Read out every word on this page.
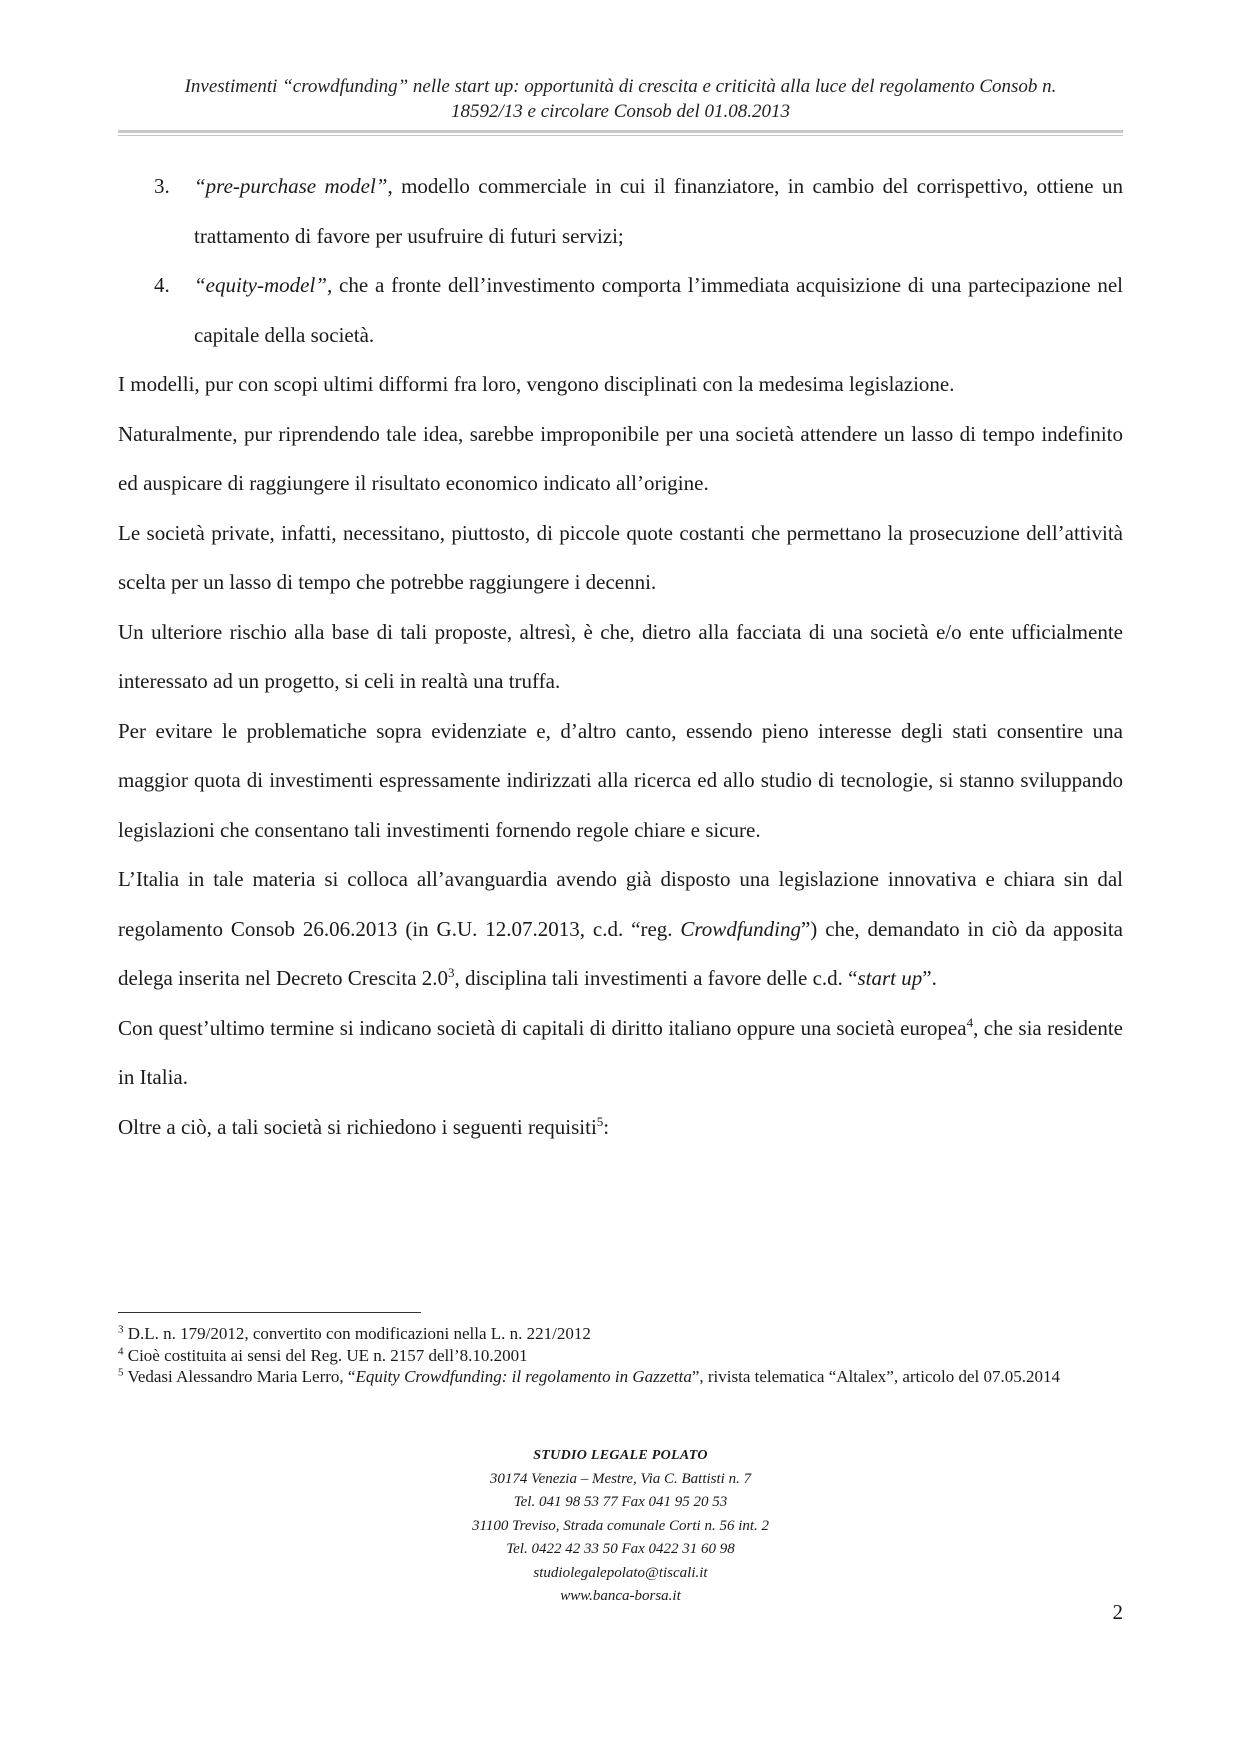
Investimenti “crowdfunding” nelle start up: opportunità di crescita e criticità alla luce del regolamento Consob n.
18592/13 e circolare Consob del 01.08.2013

3. “pre-purchase model”, modello commerciale in cui il finanziatore, in cambio del corrispettivo, ottiene un trattamento di favore per usufruire di futuri servizi;

4. “equity-model”, che a fronte dell’investimento comporta l’immediata acquisizione di una partecipazione nel capitale della società.

I modelli, pur con scopi ultimi difformi fra loro, vengono disciplinati con la medesima legislazione.

Naturalmente, pur riprendendo tale idea, sarebbe improponibile per una società attendere un lasso di tempo indefinito ed auspicare di raggiungere il risultato economico indicato all’origine.

Le società private, infatti, necessitano, piuttosto, di piccole quote costanti che permettano la prosecuzione dell’attività scelta per un lasso di tempo che potrebbe raggiungere i decenni.

Un ulteriore rischio alla base di tali proposte, altresì, è che, dietro alla facciata di una società e/o ente ufficialmente interessato ad un progetto, si celi in realtà una truffa.

Per evitare le problematiche sopra evidenziate e, d’altro canto, essendo pieno interesse degli stati consentire una maggior quota di investimenti espressamente indirizzati alla ricerca ed allo studio di tecnologie, si stanno sviluppando legislazioni che consentano tali investimenti fornendo regole chiare e sicure.

L’Italia in tale materia si colloca all’avanguardia avendo già disposto una legislazione innovativa e chiara sin dal regolamento Consob 26.06.2013 (in G.U. 12.07.2013, c.d. “reg. Crowdfunding”) che, demandato in ciò da apposita delega inserita nel Decreto Crescita $2.0^3$, disciplina tali investimenti a favore delle c.d. “start up”.

Con quest’ultimo termine si indicano società di capitali di diritto italiano oppure una società europea$^4$, che sia residente in Italia.

Oltre a ciò, a tali società si richiedono i seguenti requisiti$^5$:

$^3$ D.L. n. 179/2012, convertito con modificazioni nella L. n. 221/2012
$^4$ Cioè costituita ai sensi del Reg. UE n. 2157 dell’8.10.2001
$^5$ Vedasi Alessandro Maria Lerro, “Equity Crowdfunding: il regolamento in Gazzetta”, rivista telematica “Altalex”, articolo del 07.05.2014
STUDIO LEGALE POLATO
30174 Venezia – Mestre, Via C. Battisti n. 7
Tel. 041 98 53 77 Fax 041 95 20 53
31100 Treviso, Strada comunale Corti n. 56 int. 2
Tel. 0422 42 33 50 Fax 0422 31 60 98
studiolegalepolato@tiscali.it
www.banca-borsa.it
2
